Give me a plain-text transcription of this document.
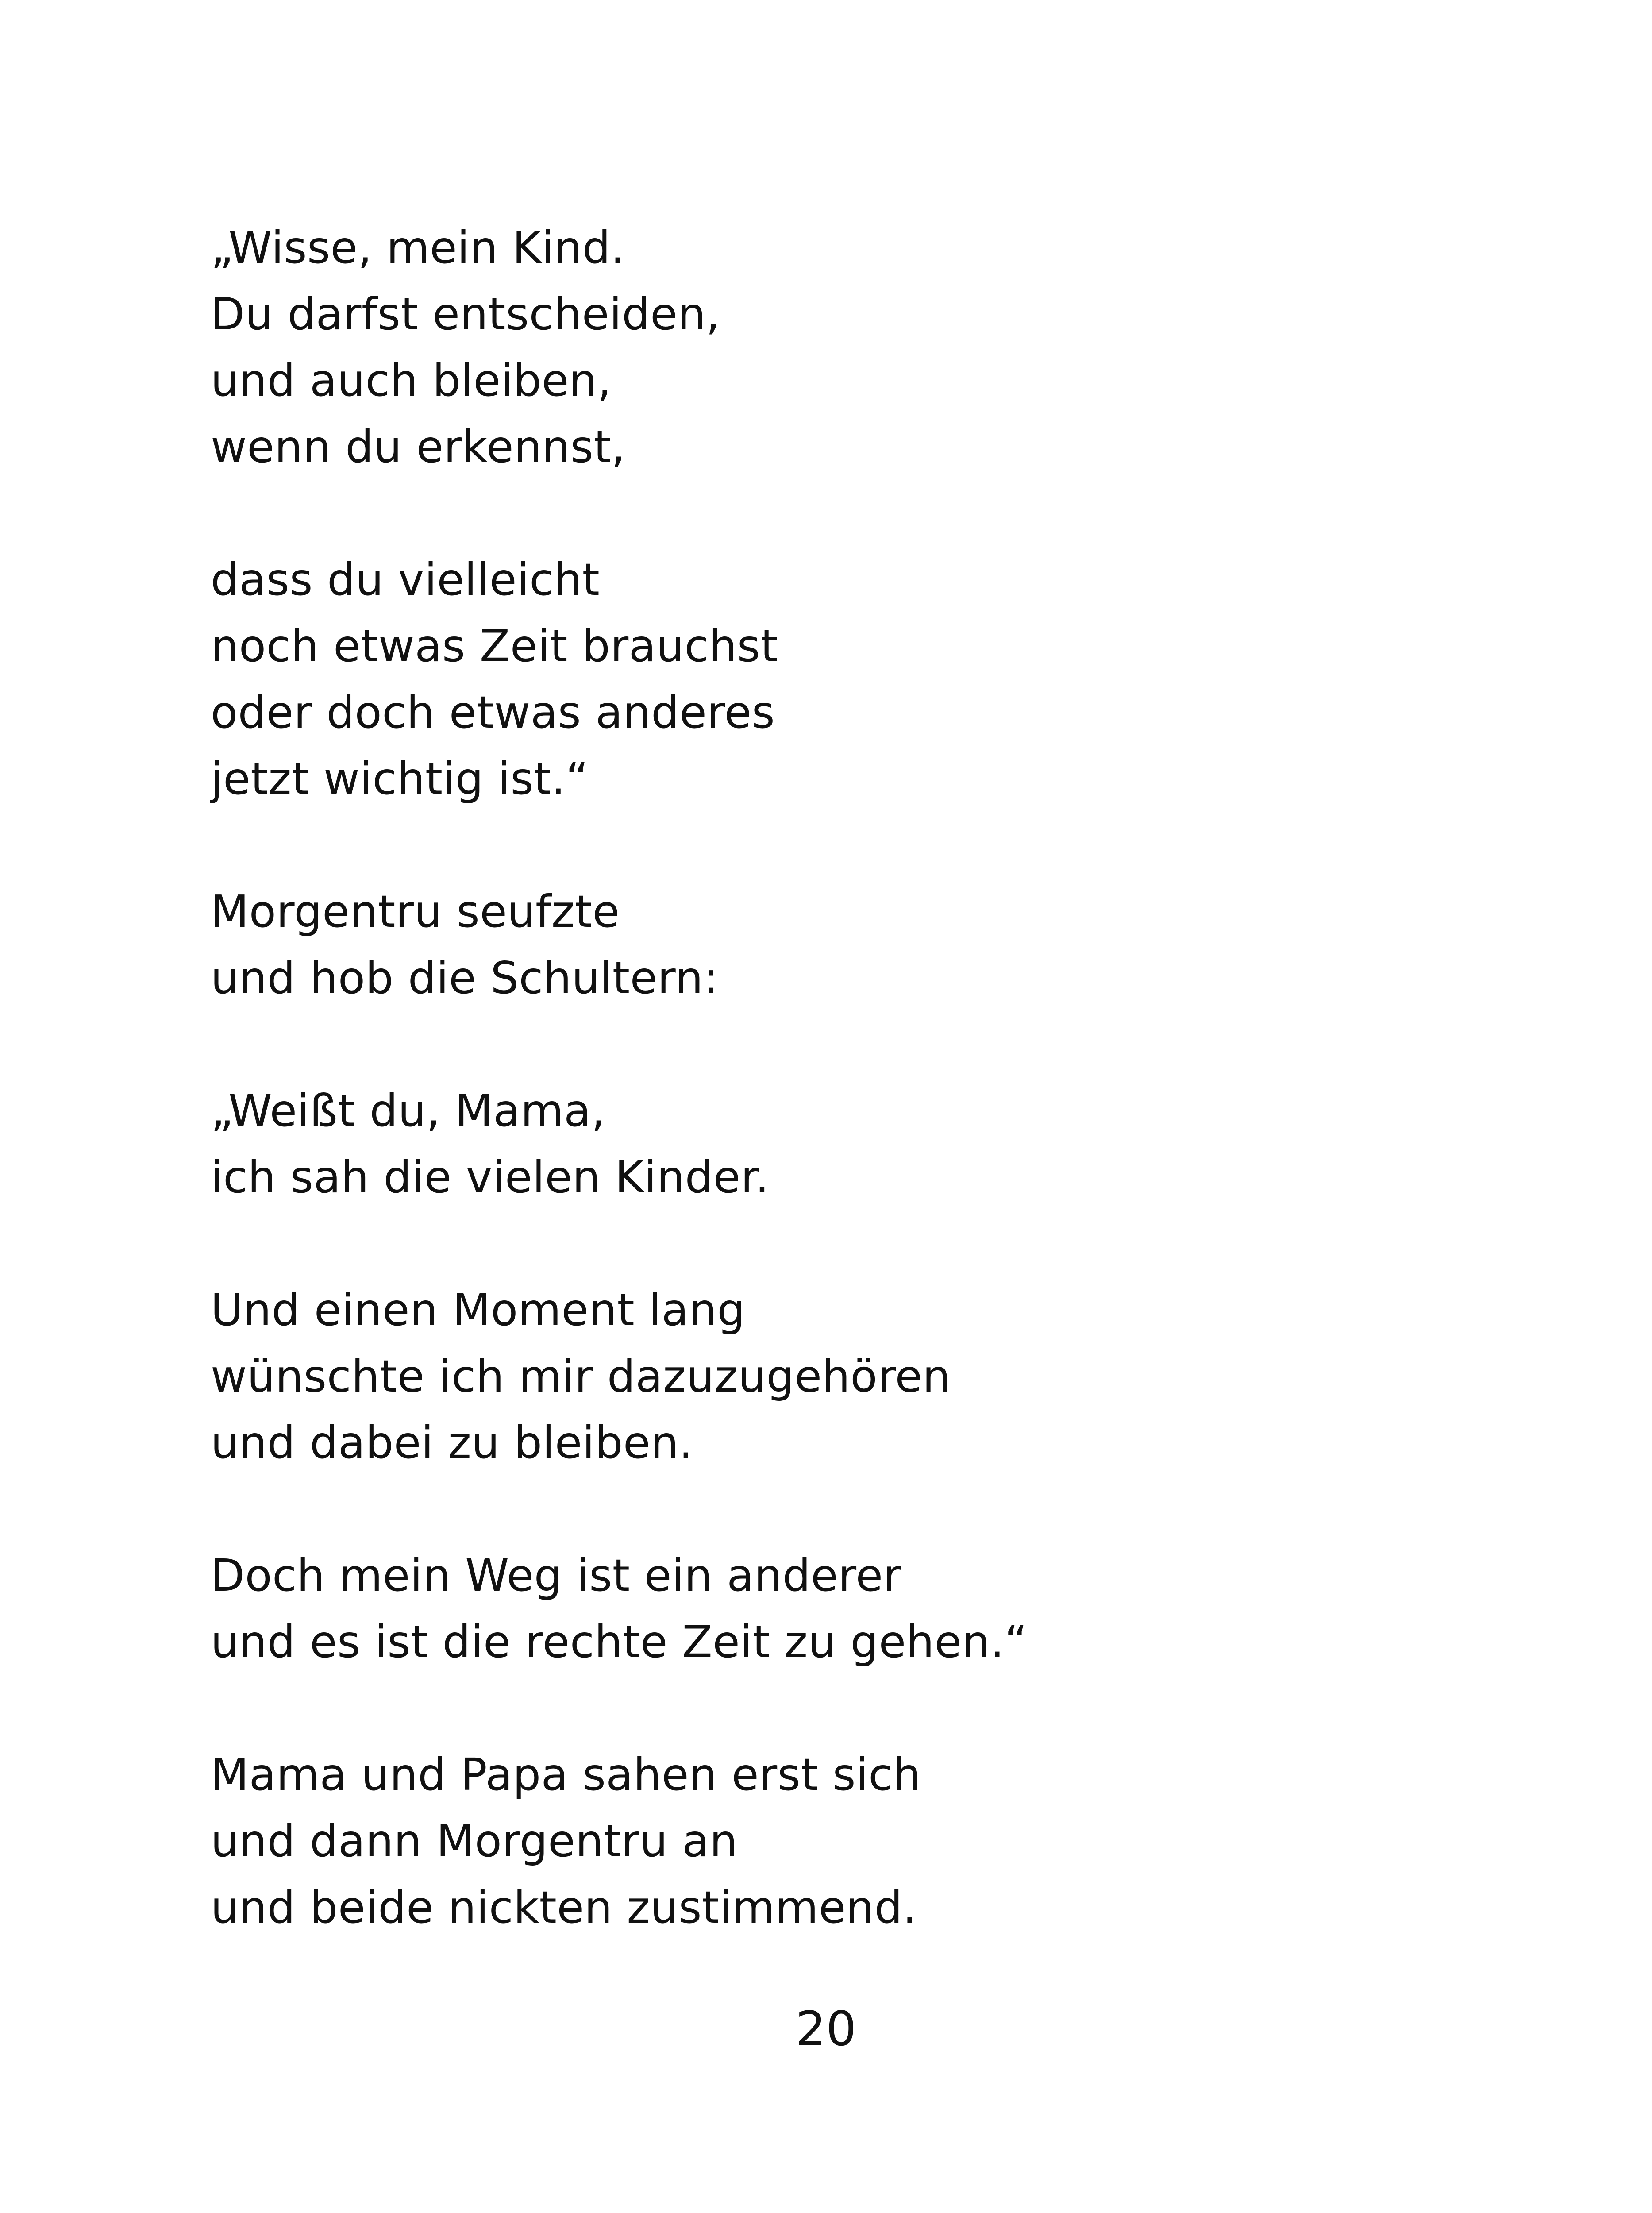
„Wisse, mein Kind.
Du darfst entscheiden,
und auch bleiben,
wenn du erkennst,
dass du vielleicht
noch etwas Zeit brauchst
oder doch etwas anderes
jetzt wichtig ist.“
Morgentru seufzte
und hob die Schultern:
„Weißt du, Mama,
ich sah die vielen Kinder.
Und einen Moment lang
wünschte ich mir dazuzugehören
und dabei zu bleiben.
Doch mein Weg ist ein anderer
und es ist die rechte Zeit zu gehen.“
Mama und Papa sahen erst sich
und dann Morgentru an
und beide nickten zustimmend.
20
